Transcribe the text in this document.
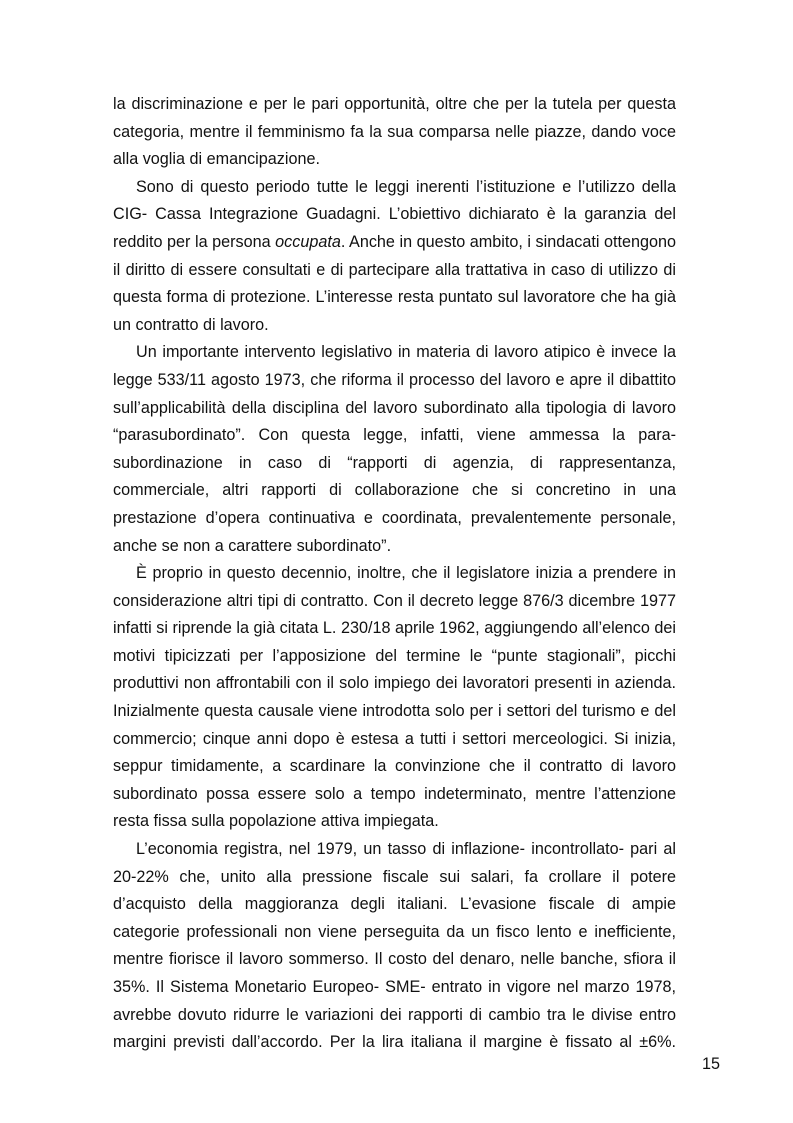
la discriminazione e per le pari opportunità, oltre che per la tutela per questa categoria, mentre il femminismo fa la sua comparsa nelle piazze, dando voce alla voglia di emancipazione.

Sono di questo periodo tutte le leggi inerenti l’istituzione e l’utilizzo della CIG- Cassa Integrazione Guadagni. L’obiettivo dichiarato è la garanzia del reddito per la persona occupata. Anche in questo ambito, i sindacati ottengono il diritto di essere consultati e di partecipare alla trattativa in caso di utilizzo di questa forma di protezione. L’interesse resta puntato sul lavoratore che ha già un contratto di lavoro.

Un importante intervento legislativo in materia di lavoro atipico è invece la legge 533/11 agosto 1973, che riforma il processo del lavoro e apre il dibattito sull’applicabilità della disciplina del lavoro subordinato alla tipologia di lavoro “parasubordinato”. Con questa legge, infatti, viene ammessa la para-subordinazione in caso di “rapporti di agenzia, di rappresentanza, commerciale, altri rapporti di collaborazione che si concretino in una prestazione d’opera continuativa e coordinata, prevalentemente personale, anche se non a carattere subordinato”.

È proprio in questo decennio, inoltre, che il legislatore inizia a prendere in considerazione altri tipi di contratto. Con il decreto legge 876/3 dicembre 1977 infatti si riprende la già citata L. 230/18 aprile 1962, aggiungendo all’elenco dei motivi tipicizzati per l’apposizione del termine le “punte stagionali”, picchi produttivi non affrontabili con il solo impiego dei lavoratori presenti in azienda. Inizialmente questa causale viene introdotta solo per i settori del turismo e del commercio; cinque anni dopo è estesa a tutti i settori merceologici. Si inizia, seppur timidamente, a scardinare la convinzione che il contratto di lavoro subordinato possa essere solo a tempo indeterminato, mentre l’attenzione resta fissa sulla popolazione attiva impiegata.

L’economia registra, nel 1979, un tasso di inflazione- incontrollato- pari al 20-22% che, unito alla pressione fiscale sui salari, fa crollare il potere d’acquisto della maggioranza degli italiani. L’evasione fiscale di ampie categorie professionali non viene perseguita da un fisco lento e inefficiente, mentre fiorisce il lavoro sommerso. Il costo del denaro, nelle banche, sfiora il 35%. Il Sistema Monetario Europeo- SME- entrato in vigore nel marzo 1978, avrebbe dovuto ridurre le variazioni dei rapporti di cambio tra le divise entro margini previsti dall’accordo. Per la lira italiana il margine è fissato al ±6%.

15
